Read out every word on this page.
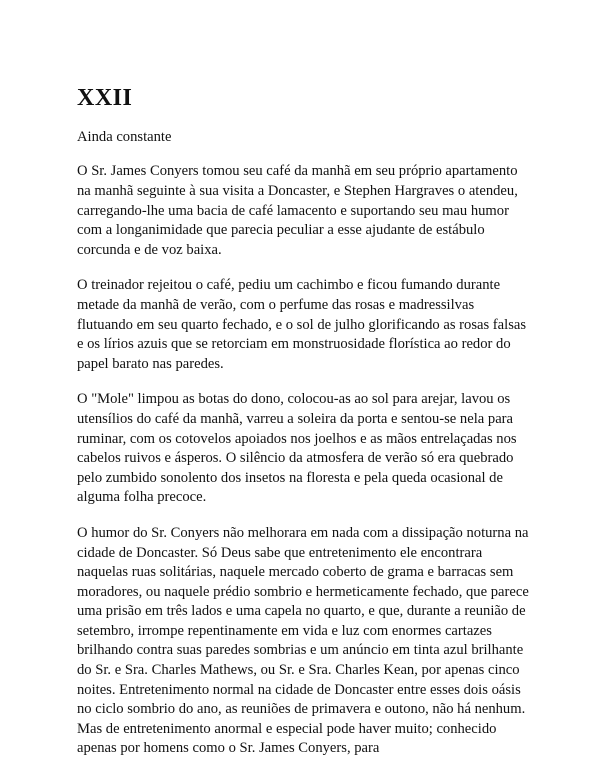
XXII
Ainda constante

O Sr. James Conyers tomou seu café da manhã em seu próprio apartamento na manhã seguinte à sua visita a Doncaster, e Stephen Hargraves o atendeu, carregando-lhe uma bacia de café lamacento e suportando seu mau humor com a longanimidade que parecia peculiar a esse ajudante de estábulo corcunda e de voz baixa.

O treinador rejeitou o café, pediu um cachimbo e ficou fumando durante metade da manhã de verão, com o perfume das rosas e madressilvas flutuando em seu quarto fechado, e o sol de julho glorificando as rosas falsas e os lírios azuis que se retorciam em monstruosidade florística ao redor do papel barato nas paredes.

O "Mole" limpou as botas do dono, colocou-as ao sol para arejar, lavou os utensílios do café da manhã, varreu a soleira da porta e sentou-se nela para ruminar, com os cotovelos apoiados nos joelhos e as mãos entrelaçadas nos cabelos ruivos e ásperos. O silêncio da atmosfera de verão só era quebrado pelo zumbido sonolento dos insetos na floresta e pela queda ocasional de alguma folha precoce.

O humor do Sr. Conyers não melhorara em nada com a dissipação noturna na cidade de Doncaster. Só Deus sabe que entretenimento ele encontrara naquelas ruas solitárias, naquele mercado coberto de grama e barracas sem moradores, ou naquele prédio sombrio e hermeticamente fechado, que parece uma prisão em três lados e uma capela no quarto, e que, durante a reunião de setembro, irrompe repentinamente em vida e luz com enormes cartazes brilhando contra suas paredes sombrias e um anúncio em tinta azul brilhante do Sr. e Sra. Charles Mathews, ou Sr. e Sra. Charles Kean, por apenas cinco noites. Entretenimento normal na cidade de Doncaster entre esses dois oásis no ciclo sombrio do ano, as reuniões de primavera e outono, não há nenhum. Mas de entretenimento anormal e especial pode haver muito; conhecido apenas por homens como o Sr. James Conyers, para
